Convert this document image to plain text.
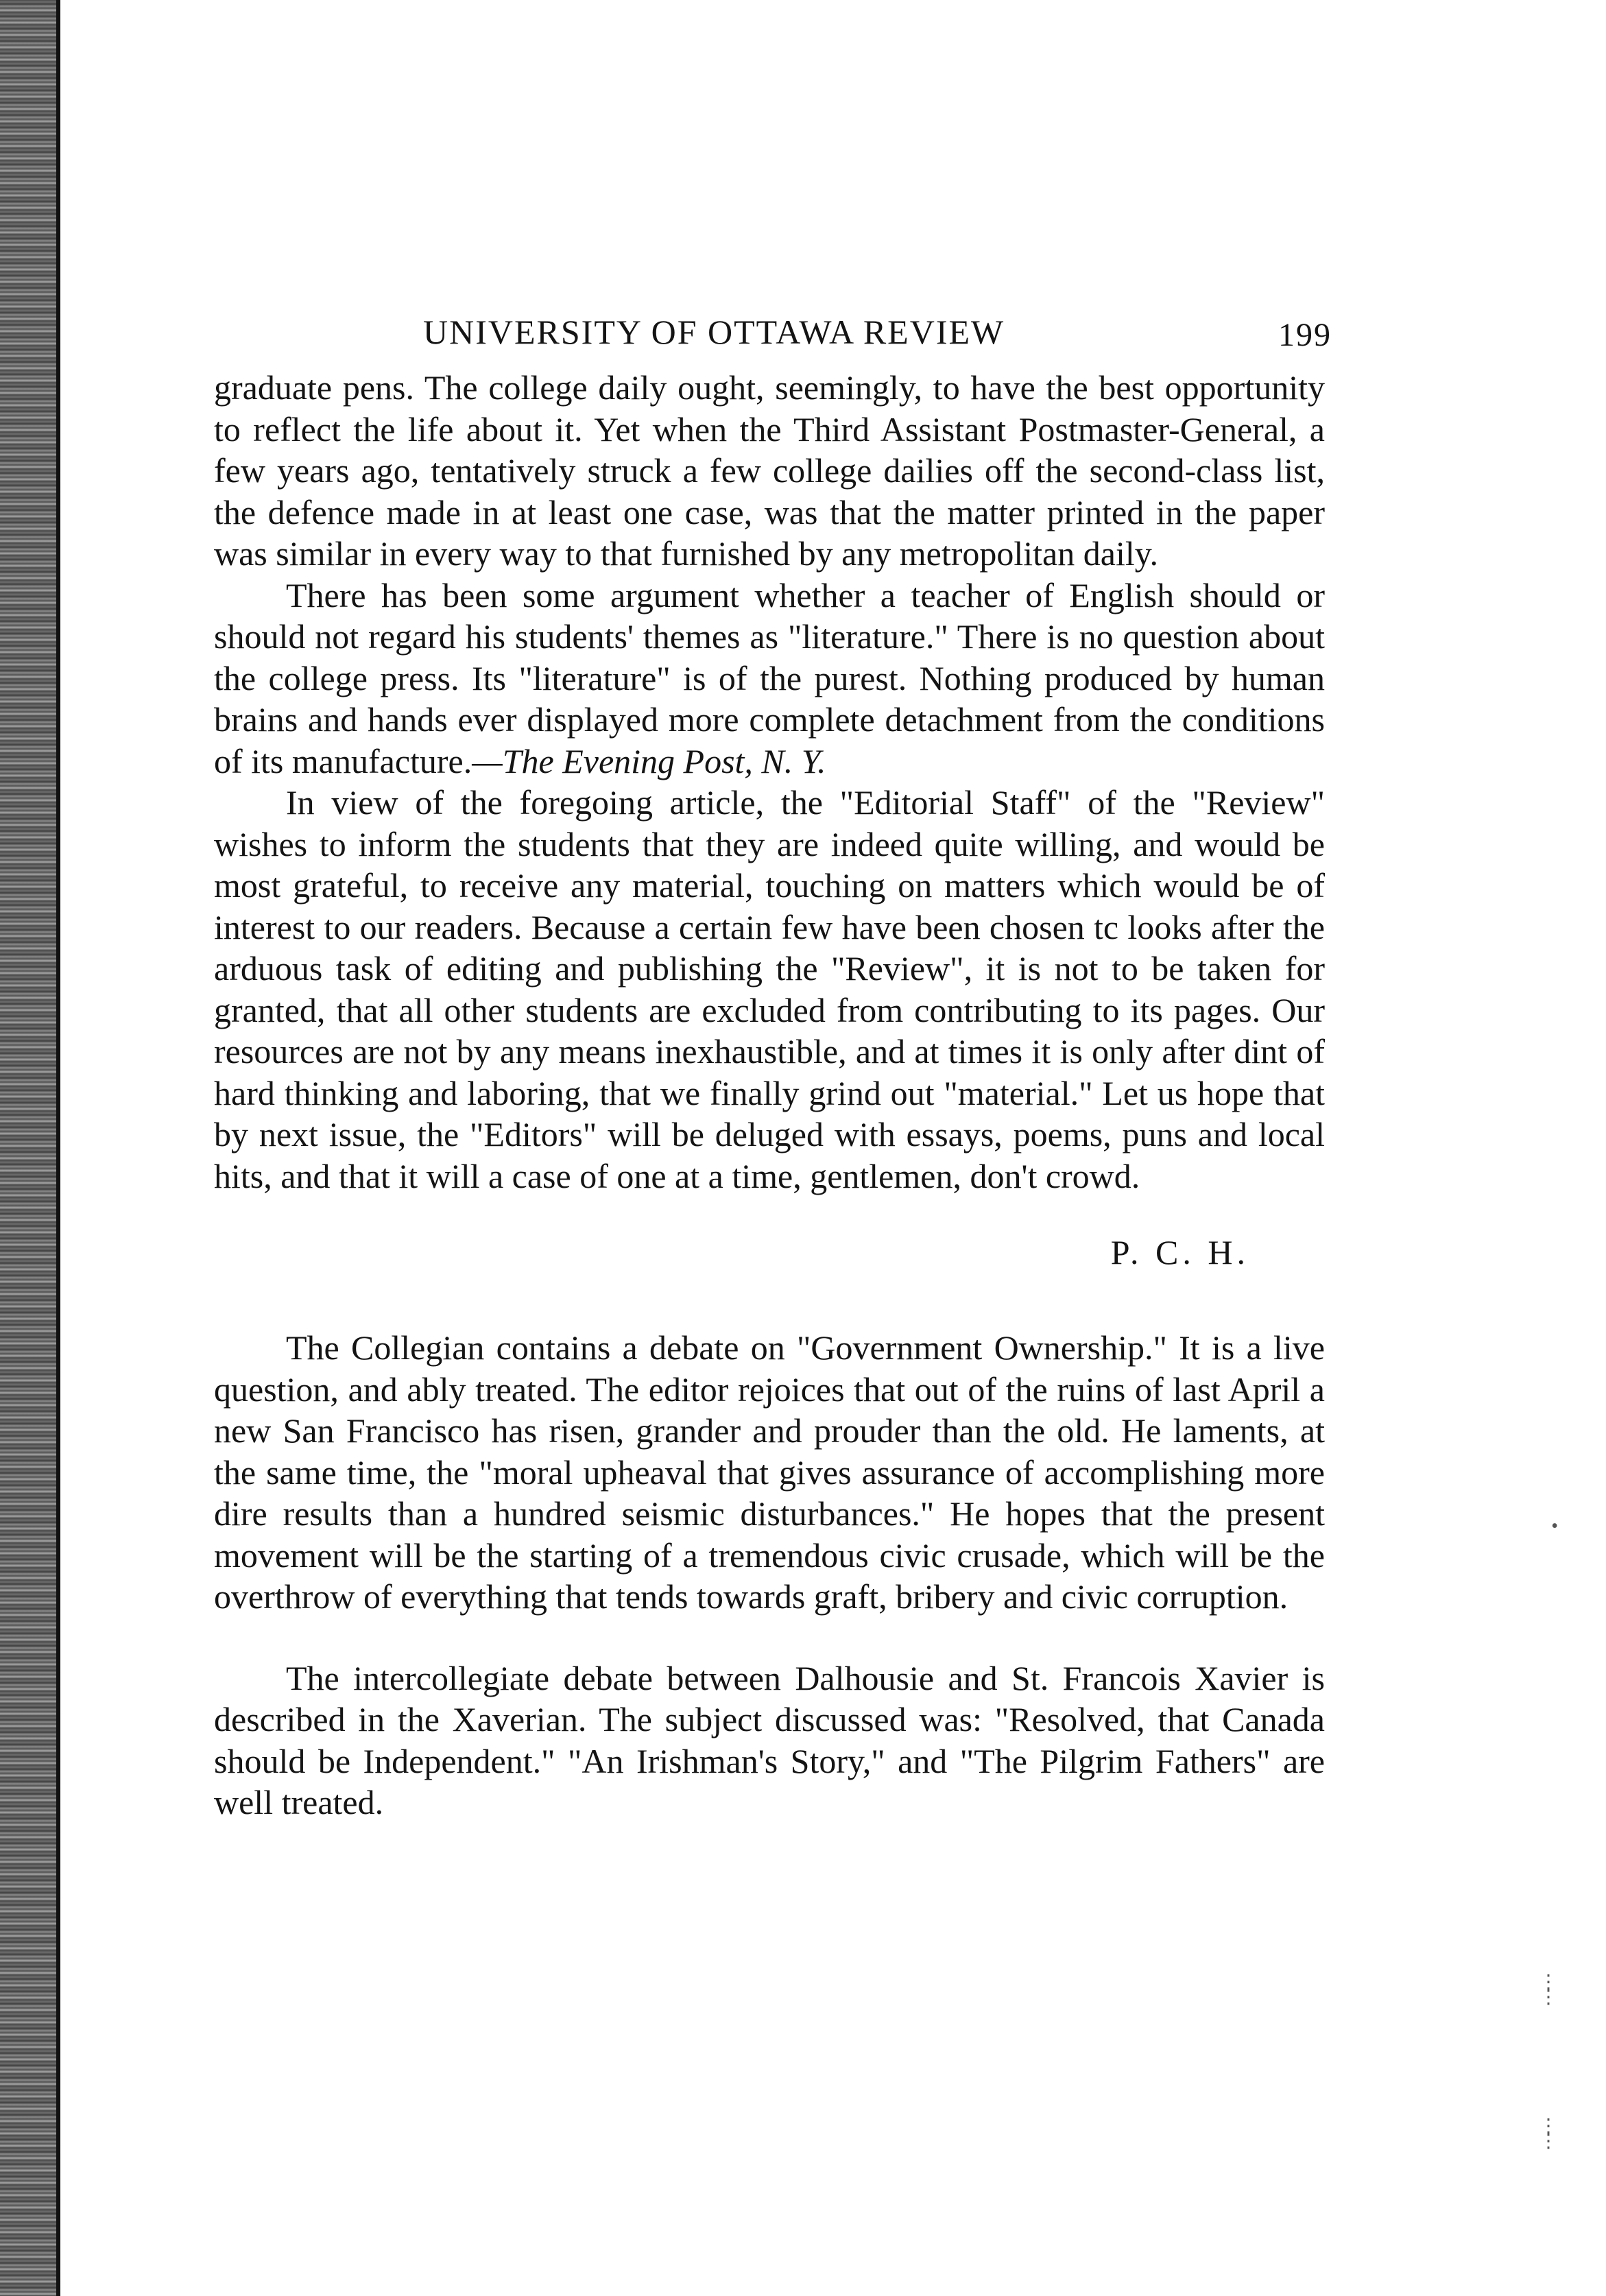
UNIVERSITY OF OTTAWA REVIEW	199

graduate pens. The college daily ought, seemingly, to have the best opportunity to reflect the life about it. Yet when the Third Assistant Postmaster-General, a few years ago, tentatively struck a few college dailies off the second-class list, the defence made in at least one case, was that the matter printed in the paper was similar in every way to that furnished by any metropolitan daily.

There has been some argument whether a teacher of English should or should not regard his students' themes as "literature." There is no question about the college press. Its "literature" is of the purest. Nothing produced by human brains and hands ever displayed more complete detachment from the conditions of its manufacture.—The Evening Post, N. Y.

In view of the foregoing article, the "Editorial Staff" of the "Review" wishes to inform the students that they are indeed quite willing, and would be most grateful, to receive any material, touching on matters which would be of interest to our readers. Because a certain few have been chosen tc looks after the arduous task of editing and publishing the "Review", it is not to be taken for granted, that all other students are excluded from contributing to its pages. Our resources are not by any means inexhaustible, and at times it is only after dint of hard thinking and laboring, that we finally grind out "material." Let us hope that by next issue, the "Editors" will be deluged with essays, poems, puns and local hits, and that it will a case of one at a time, gentlemen, don't crowd.

P. C. H.

The Collegian contains a debate on "Government Ownership." It is a live question, and ably treated. The editor rejoices that out of the ruins of last April a new San Francisco has risen, grander and prouder than the old. He laments, at the same time, the "moral upheaval that gives assurance of accomplishing more dire results than a hundred seismic disturbances." He hopes that the present movement will be the starting of a tremendous civic crusade, which will be the overthrow of everything that tends towards graft, bribery and civic corruption.

The intercollegiate debate between Dalhousie and St. Francois Xavier is described in the Xaverian. The subject discussed was: "Resolved, that Canada should be Independent." "An Irishman's Story," and "The Pilgrim Fathers" are well treated.

•
⋮
⋮
⋮
⋮
